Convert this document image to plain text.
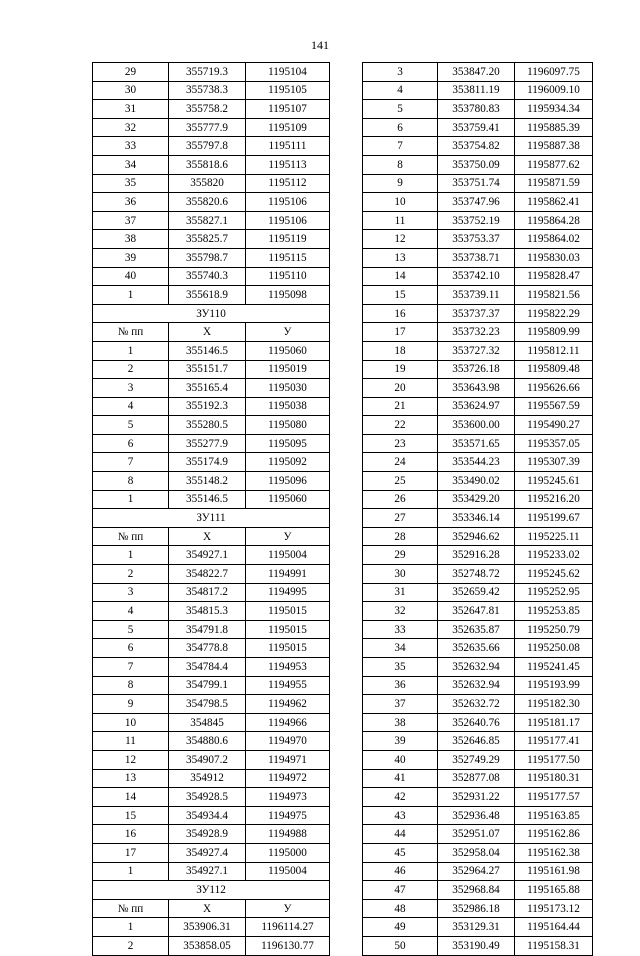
141
29	355719.3	1195104
30	355738.3	1195105
31	355758.2	1195107
32	355777.9	1195109
33	355797.8	1195111
34	355818.6	1195113
35	355820	1195112
36	355820.6	1195106
37	355827.1	1195106
38	355825.7	1195119
39	355798.7	1195115
40	355740.3	1195110
1	355618.9	1195098
ЗУ110		
№ пп	Х	У
1	355146.5	1195060
2	355151.7	1195019
3	355165.4	1195030
4	355192.3	1195038
5	355280.5	1195080
6	355277.9	1195095
7	355174.9	1195092
8	355148.2	1195096
1	355146.5	1195060
ЗУ111		
№ пп	Х	У
1	354927.1	1195004
2	354822.7	1194991
3	354817.2	1194995
4	354815.3	1195015
5	354791.8	1195015
6	354778.8	1195015
7	354784.4	1194953
8	354799.1	1194955
9	354798.5	1194962
10	354845	1194966
11	354880.6	1194970
12	354907.2	1194971
13	354912	1194972
14	354928.5	1194973
15	354934.4	1194975
16	354928.9	1194988
17	354927.4	1195000
1	354927.1	1195004
ЗУ112		
№ пп	Х	У
1	353906.31	1196114.27
2	353858.05	1196130.77
3	353847.20	1196097.75
4	353811.19	1196009.10
5	353780.83	1195934.34
6	353759.41	1195885.39
7	353754.82	1195887.38
8	353750.09	1195877.62
9	353751.74	1195871.59
10	353747.96	1195862.41
11	353752.19	1195864.28
12	353753.37	1195864.02
13	353738.71	1195830.03
14	353742.10	1195828.47
15	353739.11	1195821.56
16	353737.37	1195822.29
17	353732.23	1195809.99
18	353727.32	1195812.11
19	353726.18	1195809.48
20	353643.98	1195626.66
21	353624.97	1195567.59
22	353600.00	1195490.27
23	353571.65	1195357.05
24	353544.23	1195307.39
25	353490.02	1195245.61
26	353429.20	1195216.20
27	353346.14	1195199.67
28	352946.62	1195225.11
29	352916.28	1195233.02
30	352748.72	1195245.62
31	352659.42	1195252.95
32	352647.81	1195253.85
33	352635.87	1195250.79
34	352635.66	1195250.08
35	352632.94	1195241.45
36	352632.94	1195193.99
37	352632.72	1195182.30
38	352640.76	1195181.17
39	352646.85	1195177.41
40	352749.29	1195177.50
41	352877.08	1195180.31
42	352931.22	1195177.57
43	352936.48	1195163.85
44	352951.07	1195162.86
45	352958.04	1195162.38
46	352964.27	1195161.98
47	352968.84	1195165.88
48	352986.18	1195173.12
49	353129.31	1195164.44
50	353190.49	1195158.31
